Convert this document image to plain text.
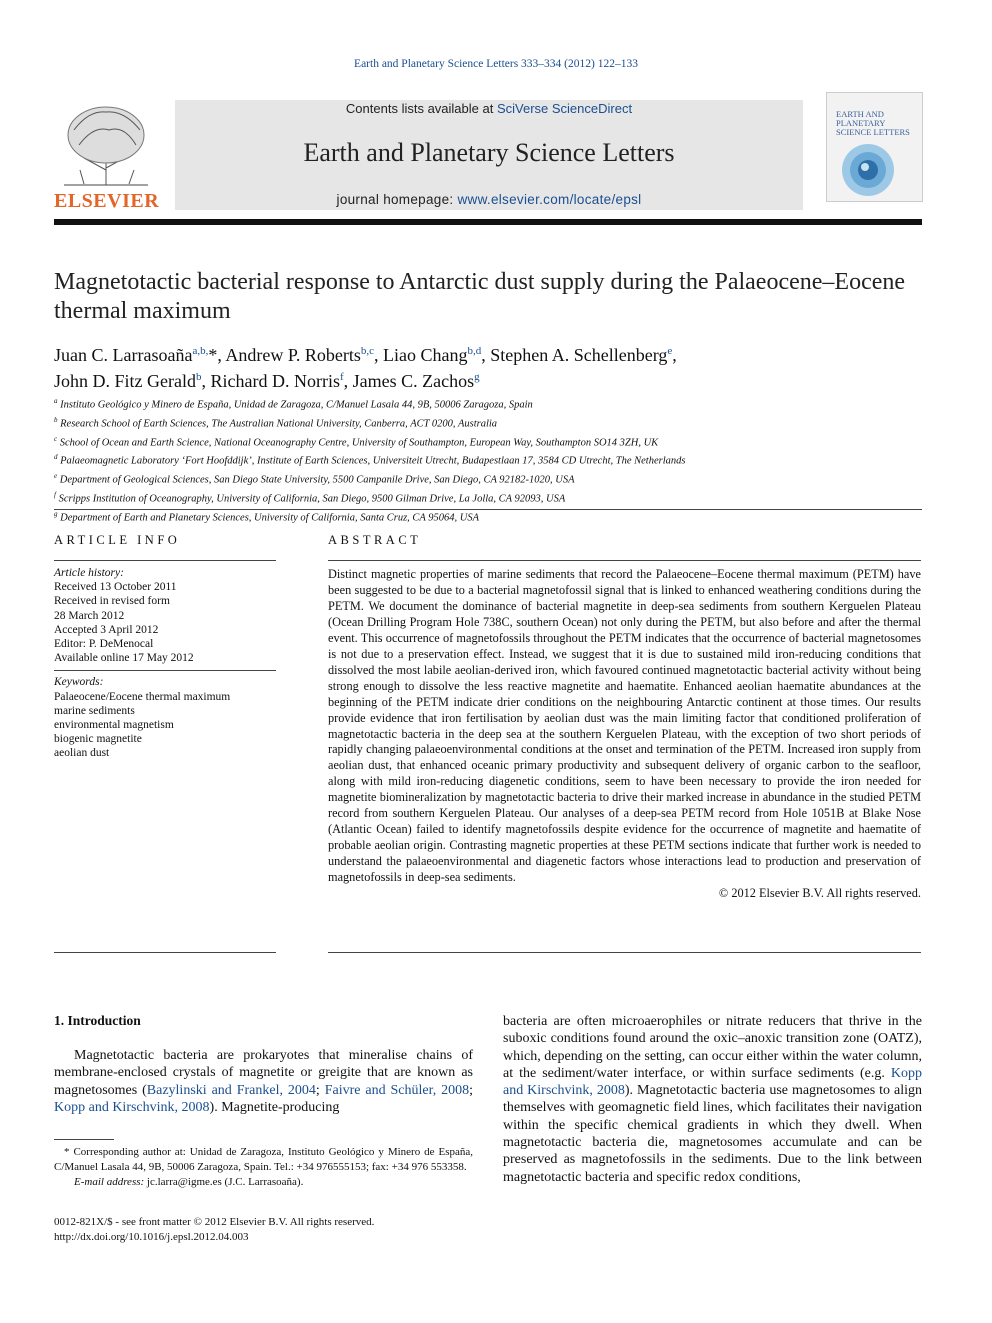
Earth and Planetary Science Letters 333–334 (2012) 122–133
Contents lists available at SciVerse ScienceDirect
Earth and Planetary Science Letters
journal homepage: www.elsevier.com/locate/epsl
ELSEVIER
EARTH AND PLANETARY SCIENCE LETTERS
Magnetotactic bacterial response to Antarctic dust supply during the Palaeocene–Eocene thermal maximum
Juan C. Larrasoaña$^{a,b,}$*, Andrew P. Roberts$^{b,c}$, Liao Chang$^{b,d}$, Stephen A. Schellenberg$^e$,
John D. Fitz Gerald$^b$, Richard D. Norris$^f$, James C. Zachos$^g$
$^a$ Instituto Geológico y Minero de España, Unidad de Zaragoza, C/Manuel Lasala 44, 9B, 50006 Zaragoza, Spain
$^b$ Research School of Earth Sciences, The Australian National University, Canberra, ACT 0200, Australia
$^c$ School of Ocean and Earth Science, National Oceanography Centre, University of Southampton, European Way, Southampton SO14 3ZH, UK
$^d$ Palaeomagnetic Laboratory ‘Fort Hoofddijk’, Institute of Earth Sciences, Universiteit Utrecht, Budapestlaan 17, 3584 CD Utrecht, The Netherlands
$^e$ Department of Geological Sciences, San Diego State University, 5500 Campanile Drive, San Diego, CA 92182-1020, USA
$^f$ Scripps Institution of Oceanography, University of California, San Diego, 9500 Gilman Drive, La Jolla, CA 92093, USA
$^g$ Department of Earth and Planetary Sciences, University of California, Santa Cruz, CA 95064, USA
ARTICLE INFO
Article history:
Received 13 October 2011
Received in revised form
28 March 2012
Accepted 3 April 2012
Editor: P. DeMenocal
Available online 17 May 2012
Keywords:
Palaeocene/Eocene thermal maximum
marine sediments
environmental magnetism
biogenic magnetite
aeolian dust
ABSTRACT
Distinct magnetic properties of marine sediments that record the Palaeocene–Eocene thermal maximum (PETM) have been suggested to be due to a bacterial magnetofossil signal that is linked to enhanced weathering conditions during the PETM. We document the dominance of bacterial magnetite in deep-sea sediments from southern Kerguelen Plateau (Ocean Drilling Program Hole 738C, southern Ocean) not only during the PETM, but also before and after the thermal event. This occurrence of magnetofossils throughout the PETM indicates that the occurrence of bacterial magnetosomes is not due to a preservation effect. Instead, we suggest that it is due to sustained mild iron-reducing conditions that dissolved the most labile aeolian-derived iron, which favoured continued magnetotactic bacterial activity without being strong enough to dissolve the less reactive magnetite and haematite. Enhanced aeolian haematite abundances at the beginning of the PETM indicate drier conditions on the neighbouring Antarctic continent at those times. Our results provide evidence that iron fertilisation by aeolian dust was the main limiting factor that conditioned proliferation of magnetotactic bacteria in the deep sea at the southern Kerguelen Plateau, with the exception of two short periods of rapidly changing palaeoenvironmental conditions at the onset and termination of the PETM. Increased iron supply from aeolian dust, that enhanced oceanic primary productivity and subsequent delivery of organic carbon to the seafloor, along with mild iron-reducing diagenetic conditions, seem to have been necessary to provide the iron needed for magnetite biomineralization by magnetotactic bacteria to drive their marked increase in abundance in the studied PETM record from southern Kerguelen Plateau. Our analyses of a deep-sea PETM record from Hole 1051B at Blake Nose (Atlantic Ocean) failed to identify magnetofossils despite evidence for the occurrence of magnetite and haematite of probable aeolian origin. Contrasting magnetic properties at these PETM sections indicate that further work is needed to understand the palaeoenvironmental and diagenetic factors whose interactions lead to production and preservation of magnetofossils in deep-sea sediments.
© 2012 Elsevier B.V. All rights reserved.
1. Introduction
Magnetotactic bacteria are prokaryotes that mineralise chains of membrane-enclosed crystals of magnetite or greigite that are known as magnetosomes (Bazylinski and Frankel, 2004; Faivre and Schüler, 2008; Kopp and Kirschvink, 2008). Magnetite-producing
bacteria are often microaerophiles or nitrate reducers that thrive in the suboxic conditions found around the oxic–anoxic transition zone (OATZ), which, depending on the setting, can occur either within the water column, at the sediment/water interface, or within surface sediments (e.g. Kopp and Kirschvink, 2008). Magnetotactic bacteria use magnetosomes to align themselves with geomagnetic field lines, which facilitates their navigation within the specific chemical gradients in which they dwell. When magnetotactic bacteria die, magnetosomes accumulate and can be preserved as magnetofossils in the sediments. Due to the link between magnetotactic bacteria and specific redox conditions,
* Corresponding author at: Unidad de Zaragoza, Instituto Geológico y Minero de España, C/Manuel Lasala 44, 9B, 50006 Zaragoza, Spain. Tel.: +34 976555153; fax: +34 976 553358.
E-mail address: jc.larra@igme.es (J.C. Larrasoaña).
0012-821X/$ - see front matter © 2012 Elsevier B.V. All rights reserved.
http://dx.doi.org/10.1016/j.epsl.2012.04.003
